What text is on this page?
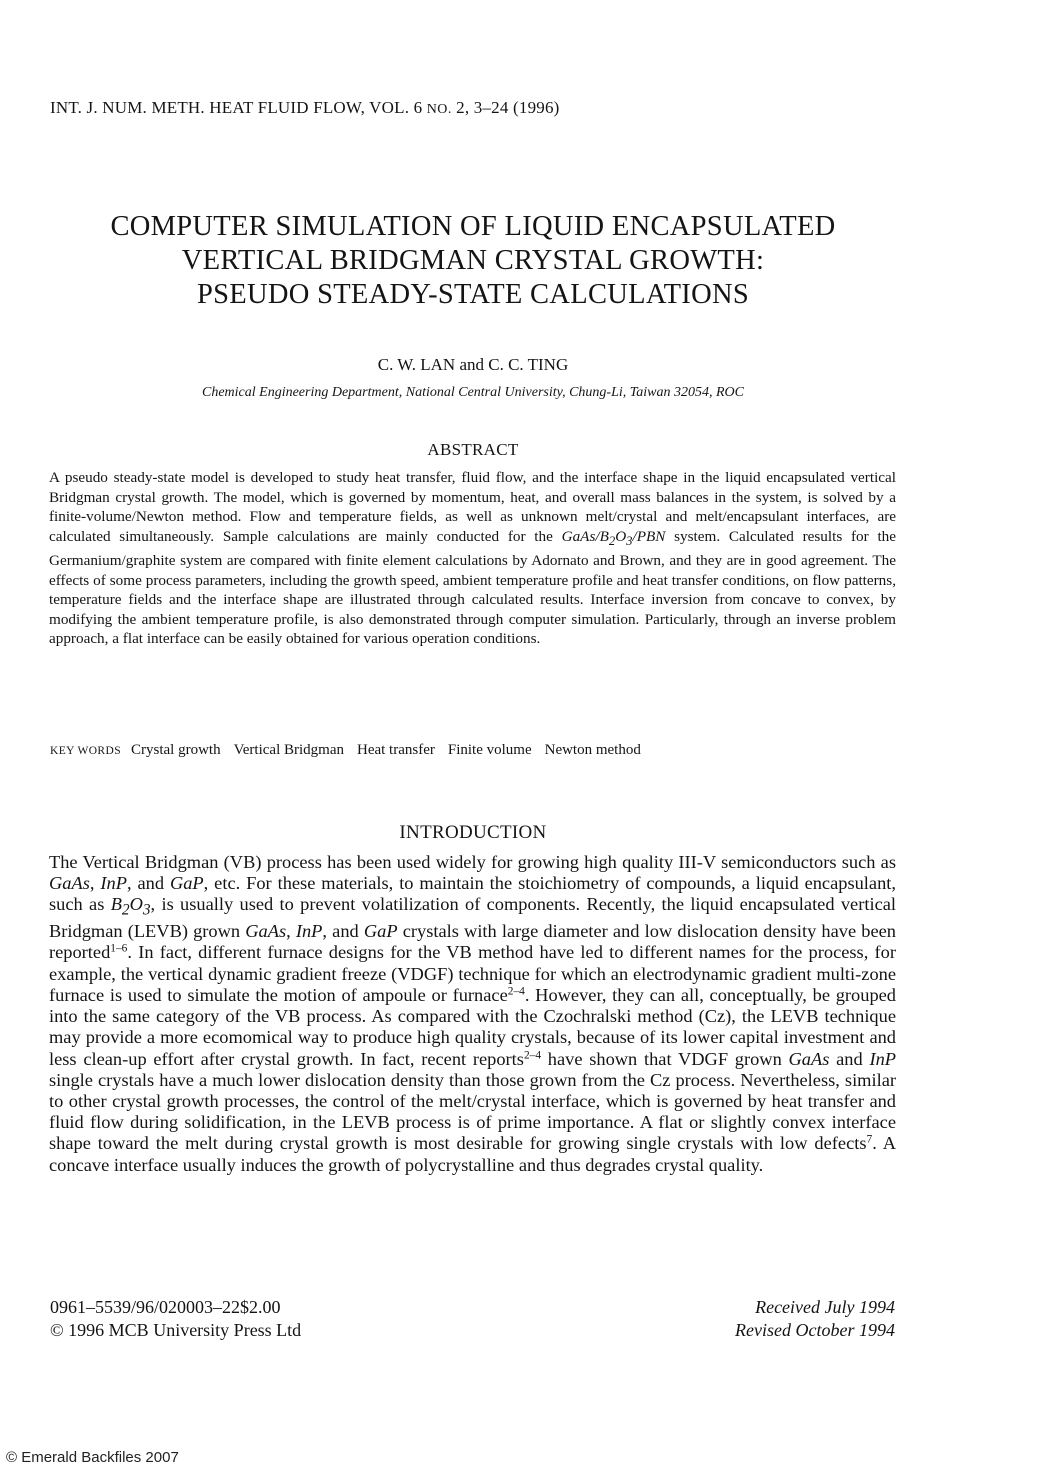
INT. J. NUM. METH. HEAT FLUID FLOW, VOL. 6 NO. 2, 3–24 (1996)
COMPUTER SIMULATION OF LIQUID ENCAPSULATED
VERTICAL BRIDGMAN CRYSTAL GROWTH:
PSEUDO STEADY-STATE CALCULATIONS
C. W. LAN and C. C. TING
Chemical Engineering Department, National Central University, Chung-Li, Taiwan 32054, ROC
ABSTRACT
A pseudo steady-state model is developed to study heat transfer, fluid flow, and the interface shape in the liquid encapsulated vertical Bridgman crystal growth. The model, which is governed by momentum, heat, and overall mass balances in the system, is solved by a finite-volume/Newton method. Flow and temperature fields, as well as unknown melt/crystal and melt/encapsulant interfaces, are calculated simultaneously. Sample calculations are mainly conducted for the GaAs/$B_2O_3$/PBN system. Calculated results for the Germanium/graphite system are compared with finite element calculations by Adornato and Brown, and they are in good agreement. The effects of some process parameters, including the growth speed, ambient temperature profile and heat transfer conditions, on flow patterns, temperature fields and the interface shape are illustrated through calculated results. Interface inversion from concave to convex, by modifying the ambient temperature profile, is also demonstrated through computer simulation. Particularly, through an inverse problem approach, a flat interface can be easily obtained for various operation conditions.
KEY WORDS Crystal growth Vertical Bridgman Heat transfer Finite volume Newton method
INTRODUCTION
The Vertical Bridgman (VB) process has been used widely for growing high quality III-V semiconductors such as GaAs, InP, and GaP, etc. For these materials, to maintain the stoichiometry of compounds, a liquid encapsulant, such as $B_2O_3$, is usually used to prevent volatilization of components. Recently, the liquid encapsulated vertical Bridgman (LEVB) grown GaAs, InP, and GaP crystals with large diameter and low dislocation density have been reported$^{1-6}$. In fact, different furnace designs for the VB method have led to different names for the process, for example, the vertical dynamic gradient freeze (VDGF) technique for which an electrodynamic gradient multi-zone furnace is used to simulate the motion of ampoule or furnace$^{2-4}$. However, they can all, conceptually, be grouped into the same category of the VB process. As compared with the Czochralski method (Cz), the LEVB technique may provide a more ecomomical way to produce high quality crystals, because of its lower capital investment and less clean-up effort after crystal growth. In fact, recent reports$^{2-4}$ have shown that VDGF grown GaAs and InP single crystals have a much lower dislocation density than those grown from the Cz process. Nevertheless, similar to other crystal growth processes, the control of the melt/crystal interface, which is governed by heat transfer and fluid flow during solidification, in the LEVB process is of prime importance. A flat or slightly convex interface shape toward the melt during crystal growth is most desirable for growing single crystals with low defects$^7$. A concave interface usually induces the growth of polycrystalline and thus degrades crystal quality.
0961–5539/96/020003–22$2.00
© 1996 MCB University Press Ltd
Received July 1994
Revised October 1994
© Emerald Backfiles 2007
